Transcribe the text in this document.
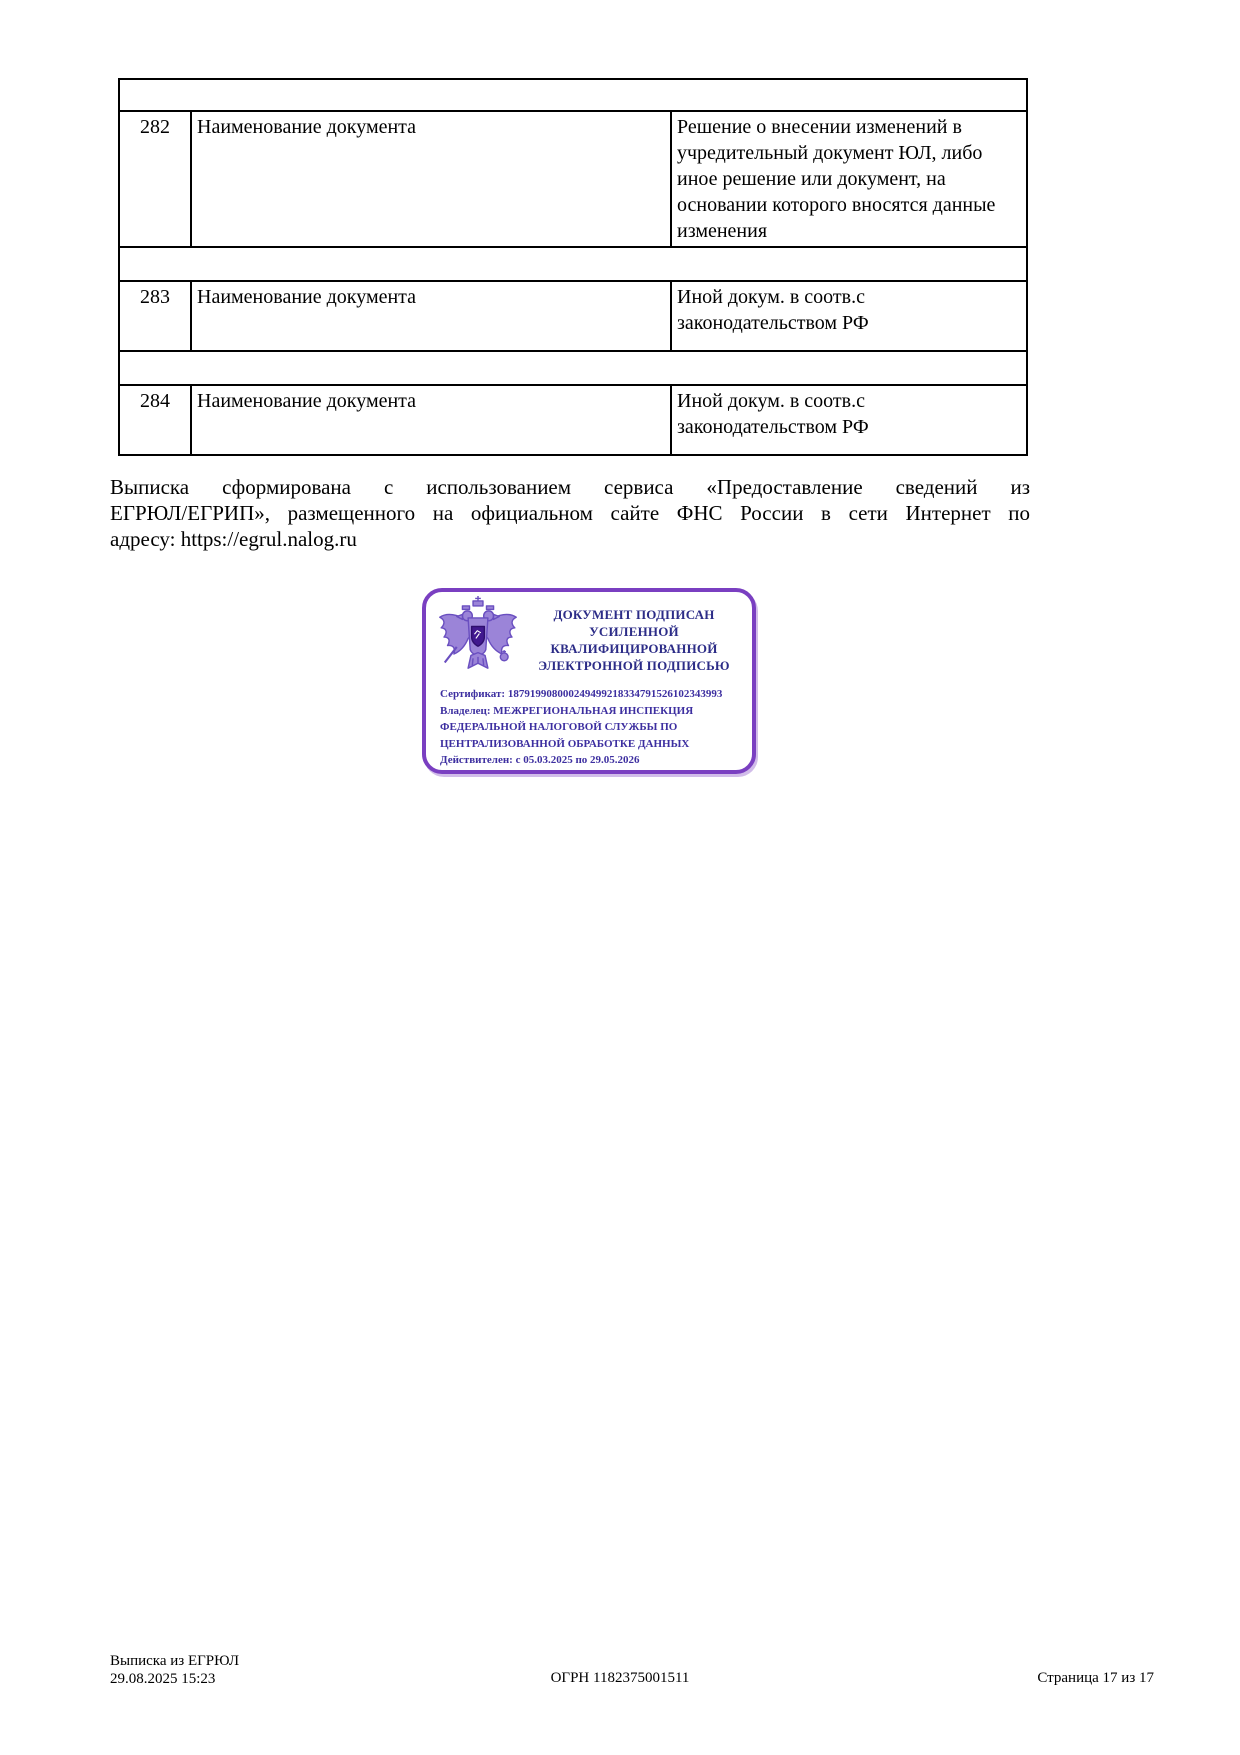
282	Наименование документа	Решение о внесении изменений в учредительный документ ЮЛ, либо иное решение или документ, на основании которого вносятся данные изменения

283	Наименование документа	Иной докум. в соотв.с законодательством РФ

284	Наименование документа	Иной докум. в соотв.с законодательством РФ
Выписка сформирована с использованием сервиса «Предоставление сведений из
ЕГРЮЛ/ЕГРИП», размещенного на официальном сайте ФНС России в сети Интернет по
адресу: https://egrul.nalog.ru
ДОКУМЕНТ ПОДПИСАН
УСИЛЕННОЙ КВАЛИФИЦИРОВАННОЙ
ЭЛЕКТРОННОЙ ПОДПИСЬЮ
Сертификат: 187919908000249499218334791526102343993
Владелец: МЕЖРЕГИОНАЛЬНАЯ ИНСПЕКЦИЯ ФЕДЕРАЛЬНОЙ НАЛОГОВОЙ СЛУЖБЫ ПО ЦЕНТРАЛИЗОВАННОЙ ОБРАБОТКЕ ДАННЫХ
Действителен: с 05.03.2025 по 29.05.2026
Выписка из ЕГРЮЛ
29.08.2025 15:23	ОГРН 1182375001511	Страница 17 из 17
